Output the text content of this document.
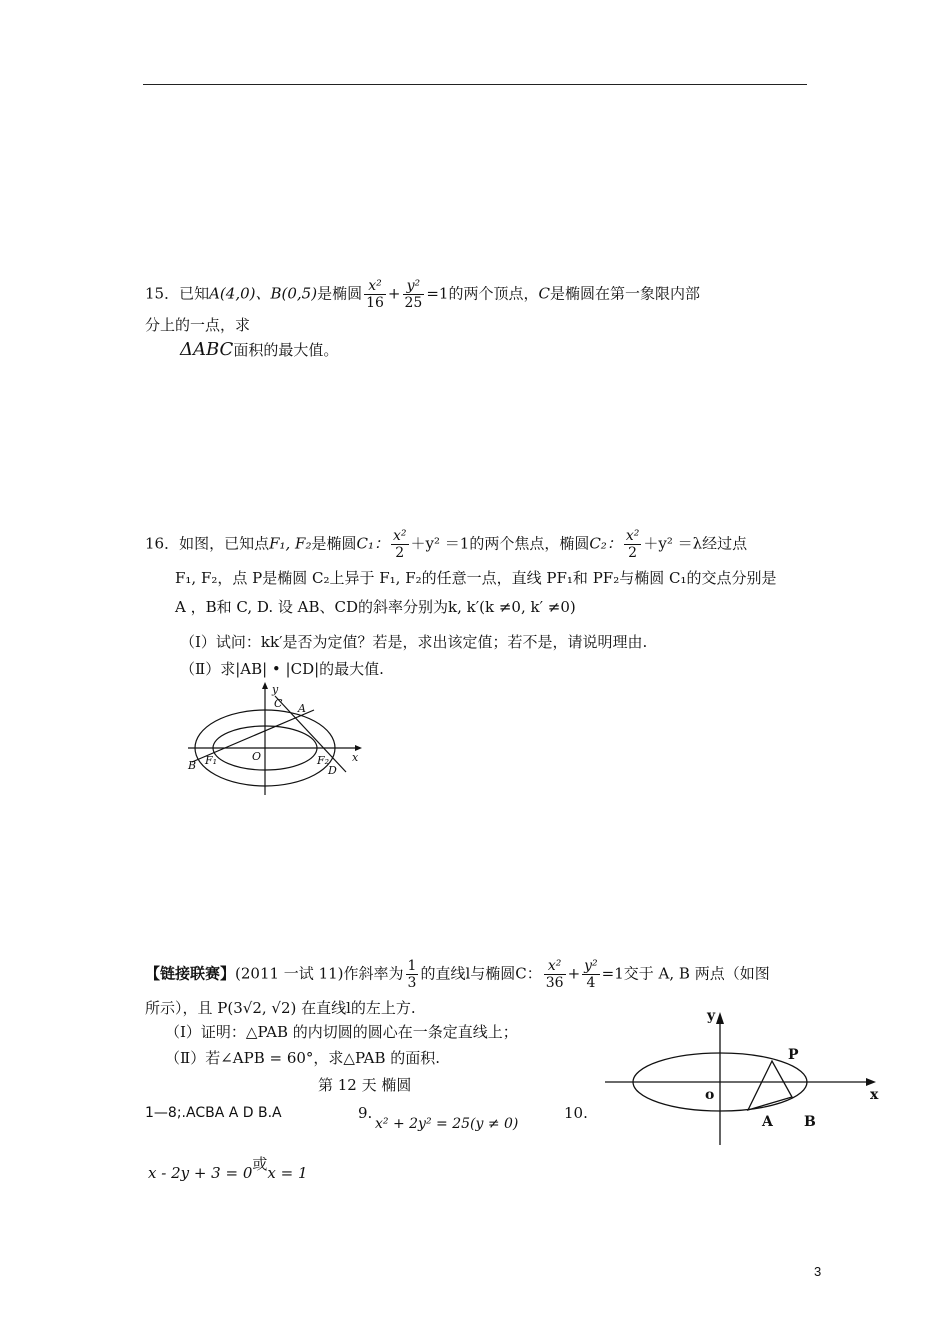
15．已知A(4,0)、B(0,5)是椭圆 $\frac{\text{x²}}{16} + \frac{\text{y²}}{25} =1$的两个顶点，C是椭圆在第一象限内部
分上的一点，求
ΔABC面积的最大值。
16．如图，已知点F₁, F₂是椭圆C₁： $\frac{\text{x²}}{2} +y^2 =1$的两个焦点，椭圆C₂： $\frac{\text{x²}}{2} +y^2 =\lambda$经过点
F₁, F₂，点 P是椭圆 C₂上异于 F₁, F₂的任意一点，直线 PF₁和 PF₂与椭圆 C₁的交点分别是
A ，B和 C, D. 设 AB、CD的斜率分别为k, k′(k ≠0, k′ ≠0)
（Ⅰ）试问：kk′是否为定值？若是，求出该定值；若不是，请说明理由.
（Ⅱ）求|AB| • |CD|的最大值.
y
x
O
A
B
C
D
F₁	F₂
【链接联赛】(2011 一试 11)作斜率为 $\frac{1}{3}$ 的直线l与椭圆C： $\frac{\text{x²}}{36} + \frac{\text{y²}}{4} =1$交于 A, B 两点（如图
所示），且 P(3√2, √2) 在直线l的左上方.
（Ⅰ）证明：△PAB 的内切圆的圆心在一条定直线上；
（Ⅱ）若∠APB = 60°，求△PAB 的面积.
第 12 天 椭圆
1—8;.ACBA A D B.A	9.
x² + 2y² = 25(y ≠ 0)
10.
x - 2y + 3 = 0或x = 1
y
x
o
P
A B
3
